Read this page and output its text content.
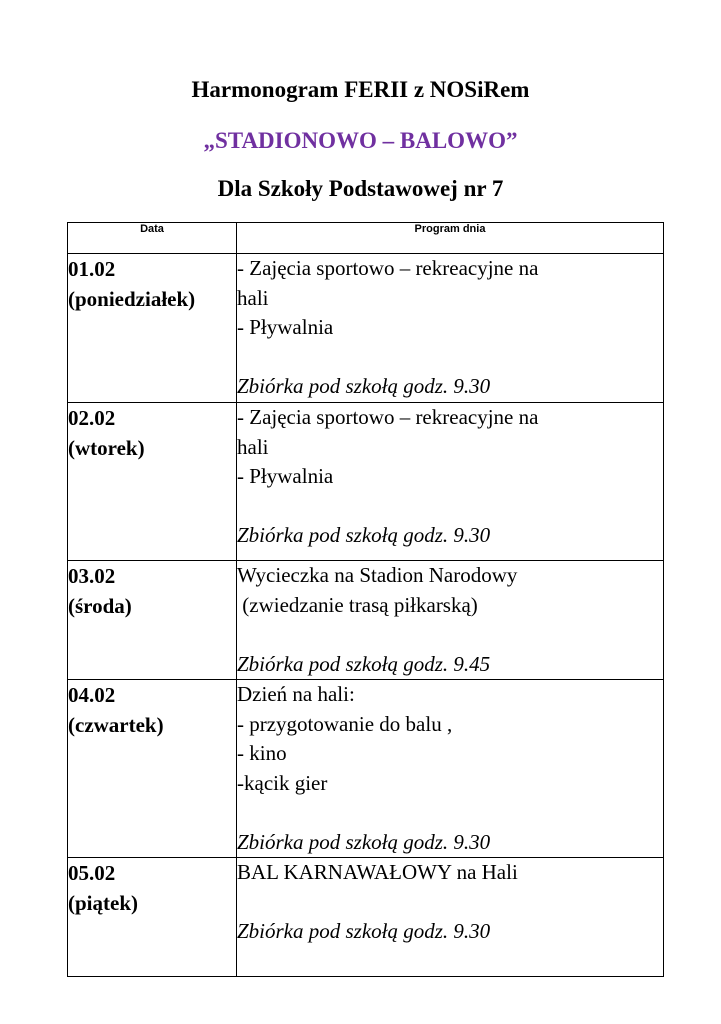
Harmonogram FERII z NOSiRem
„STADIONOWO – BALOWO”
Dla Szkoły Podstawowej nr 7
Data	Program dnia

01.02
(poniedziałek)	- Zajęcia sportowo – rekreacyjne na
hali
- Pływalnia
Zbiórka pod szkołą godz. 9.30

02.02
(wtorek)	- Zajęcia sportowo – rekreacyjne na
hali
- Pływalnia
Zbiórka pod szkołą godz. 9.30

03.02
(środa)	Wycieczka na Stadion Narodowy
(zwiedzanie trasą piłkarską)
Zbiórka pod szkołą godz. 9.45

04.02
(czwartek)	Dzień na hali:
- przygotowanie do balu ,
- kino
-kącik gier
Zbiórka pod szkołą godz. 9.30

05.02
(piątek)	BAL KARNAWAŁOWY na Hali
Zbiórka pod szkołą godz. 9.30
